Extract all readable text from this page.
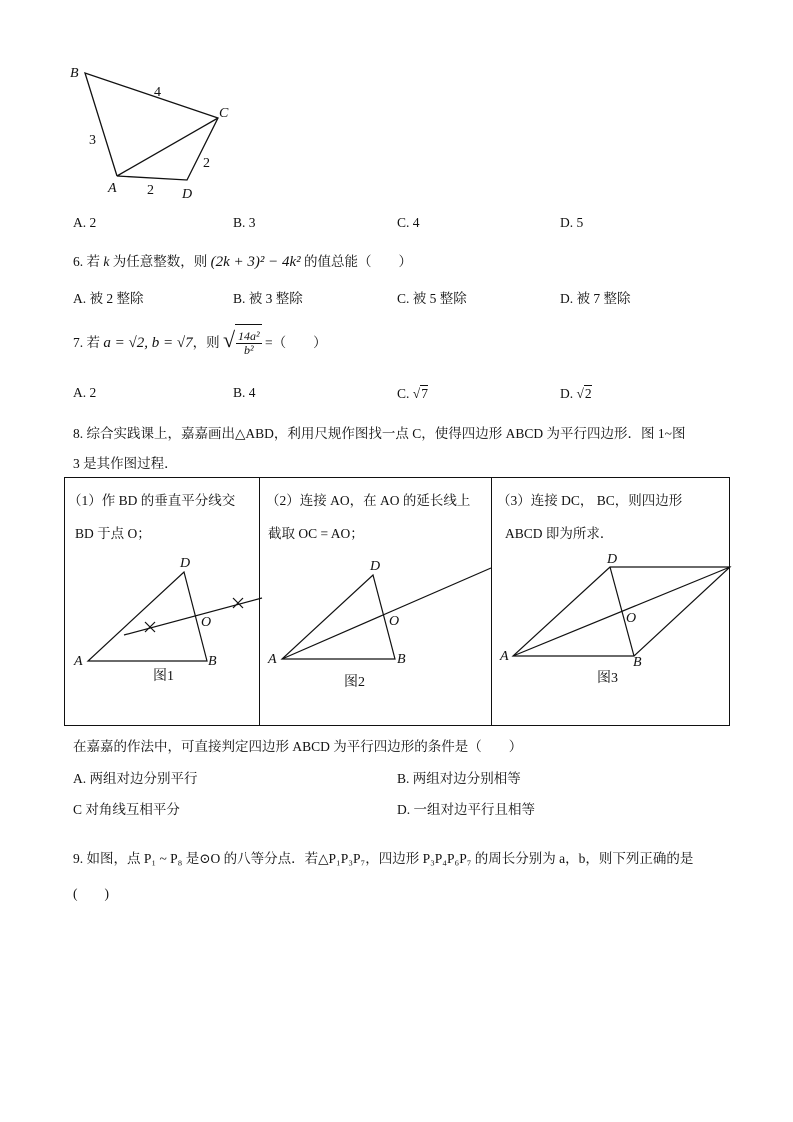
B
C
A	D
4
3
2
2
A	B
D
O
图1
A	B
D
O
图2
A	B
D
O
图3
A. 2	B. 3	C. 4	D. 5
6. 若 k 为任意整数，则 (2k + 3)² − 4k² 的值总能（　　）
A. 被 2 整除	B. 被 3 整除	C. 被 5 整除	D. 被 7 整除
7. 若 a = √2, b = √7，则 √ $\frac{\text{14a²}}{\text{b²}}$ =（　　）
A. 2	B. 4	C. √7	D. √2
8. 综合实践课上，嘉嘉画出△ABD，利用尺规作图找一点 C，使得四边形 ABCD 为平行四边形．图 1~图
3 是其作图过程．
（1）作 BD 的垂直平分线交
BD 于点 O；
（2）连接 AO，在 AO 的延长线上
截取 OC = AO；
（3）连接 DC， BC，则四边形
ABCD 即为所求．
在嘉嘉的作法中，可直接判定四边形 ABCD 为平行四边形的条件是（　　）
A. 两组对边分别平行	B. 两组对边分别相等
C 对角线互相平分	D. 一组对边平行且相等
9. 如图，点 P₁ ~ P₈ 是⊙O 的八等分点．若△P₁P₃P₇，四边形 P₃P₄P₆P₇ 的周长分别为 a，b，则下列正确的是
(　　)
